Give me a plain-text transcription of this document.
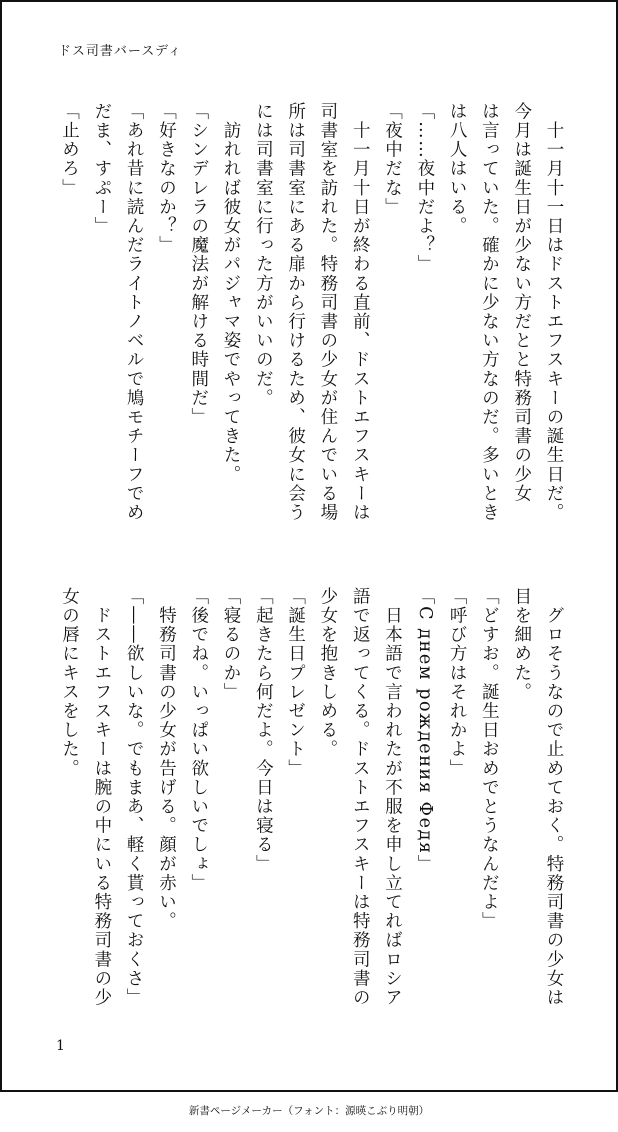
ドス司書バースディ
　十一月十一日はドストエフスキーの誕生日だ。
今月は誕生日が少ない方だとと特務司書の少女
は言っていた。確かに少ない方なのだ。多いとき
は八人はいる。
「……夜中だよ？」
「夜中だな」
　十一月十日が終わる直前、ドストエフスキーは
司書室を訪れた。特務司書の少女が住んでいる場
所は司書室にある扉から行けるため、彼女に会う
には司書室に行った方がいいのだ。
　訪れれば彼女がパジャマ姿でやってきた。
「シンデレラの魔法が解ける時間だ」
「好きなのか？」
「あれ昔に読んだライトノベルで鳩モチーフでめ
だま、すぷー」
「止めろ」
　グロそうなので止めておく。特務司書の少女は
目を細めた。
「どすお。誕生日おめでとうなんだよ」
「呼び方はそれかよ」
「С днем рождения Федя」
　日本語で言われたが不服を申し立てればロシア
語で返ってくる。ドストエフスキーは特務司書の
少女を抱きしめる。
「誕生日プレゼント」
「起きたら何だよ。今日は寝る」
「寝るのか」
「後でね。いっぱい欲しいでしょ」
　特務司書の少女が告げる。顔が赤い。
「――欲しいな。でもまあ、軽く貰っておくさ」
　ドストエフスキーは腕の中にいる特務司書の少
女の唇にキスをした。
1
新書ページメーカー（フォント：源暎こぶり明朝）
